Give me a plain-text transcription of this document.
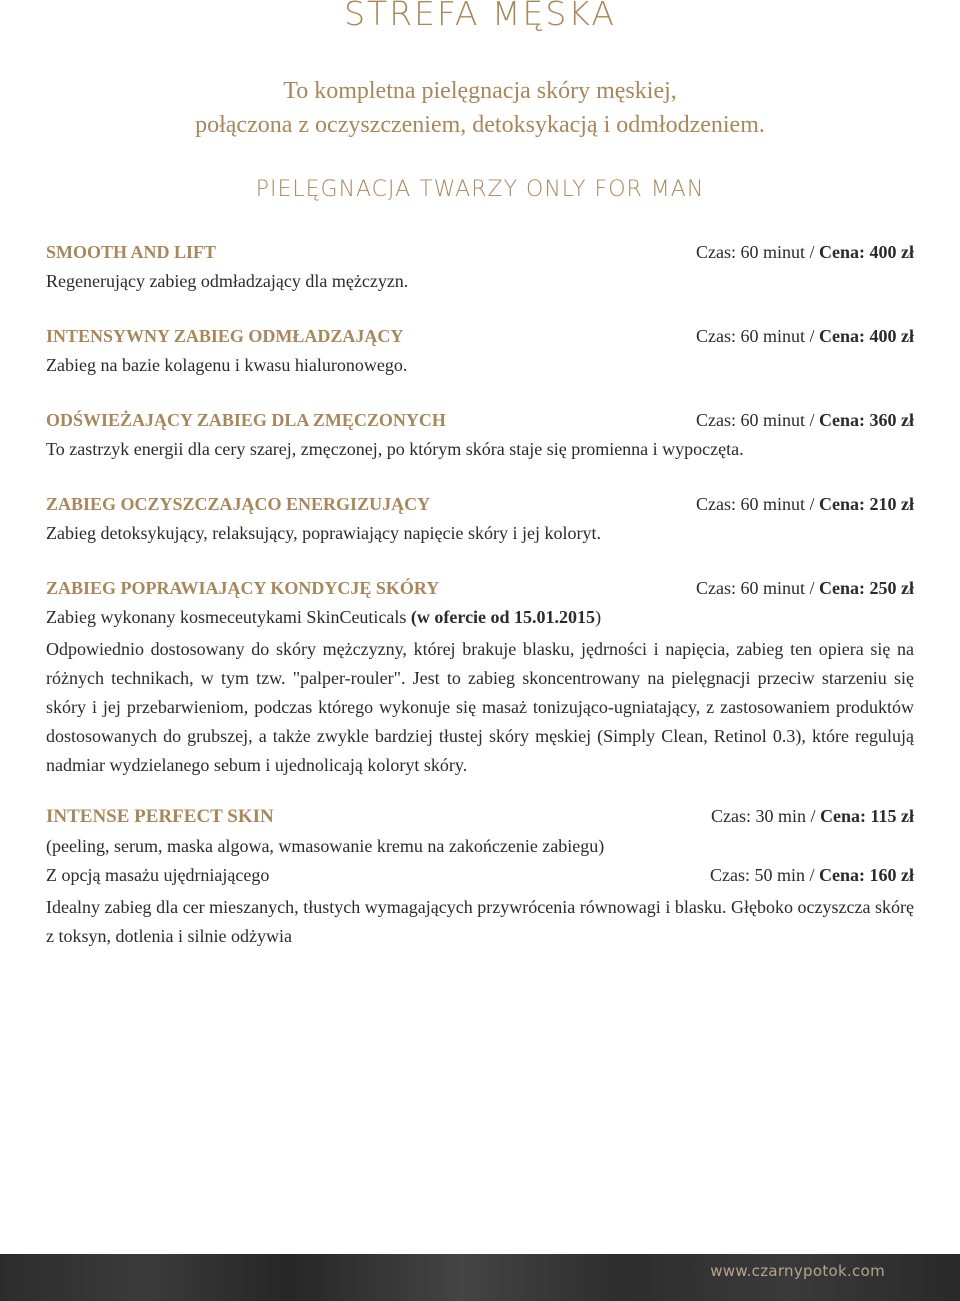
STREFA MĘSKA
To kompletna pielęgnacja skóry męskiej,
połączona z oczyszczeniem, detoksykacją i odmłodzeniem.
PIELĘGNACJA TWARZY ONLY FOR MAN
SMOOTH AND LIFT	Czas: 60 minut / Cena: 400 zł
Regenerujący zabieg odmładzający dla mężczyzn.
INTENSYWNY ZABIEG ODMŁADZAJĄCY	Czas: 60 minut / Cena: 400 zł
Zabieg na bazie kolagenu i kwasu hialuronowego.
ODŚWIEŻAJĄCY ZABIEG DLA ZMĘCZONYCH	Czas: 60 minut / Cena: 360 zł
To zastrzyk energii dla cery szarej, zmęczonej, po którym skóra staje się promienna i wypoczęta.
ZABIEG OCZYSZCZAJĄCO ENERGIZUJĄCY	Czas: 60 minut / Cena: 210 zł
Zabieg detoksykujący, relaksujący, poprawiający napięcie skóry i jej koloryt.
ZABIEG POPRAWIAJĄCY KONDYCJĘ SKÓRY	Czas: 60 minut / Cena: 250 zł
Zabieg wykonany kosmeceutykami SkinCeuticals (w ofercie od 15.01.2015)
Odpowiednio dostosowany do skóry mężczyzny, której brakuje blasku, jędrności i napięcia, zabieg ten opiera się na różnych technikach, w tym tzw. "palper-rouler". Jest to zabieg skoncentrowany na pielęgnacji przeciw starzeniu się skóry i jej przebarwieniom, podczas którego wykonuje się masaż tonizująco-ugniatający, z zastosowaniem produktów dostosowanych do grubszej, a także zwykle bardziej tłustej skóry męskiej (Simply Clean, Retinol 0.3), które regulują nadmiar wydzielanego sebum i ujednolicają koloryt skóry.
INTENSE PERFECT SKIN	Czas: 30 min / Cena: 115 zł
(peeling, serum, maska algowa, wmasowanie kremu na zakończenie zabiegu)
Z opcją masażu ujędrniającego	Czas: 50 min / Cena: 160 zł
Idealny zabieg dla cer mieszanych, tłustych wymagających przywrócenia równowagi i blasku. Głęboko oczyszcza skórę z toksyn, dotlenia i silnie odżywia
www.czarnypotok.com
